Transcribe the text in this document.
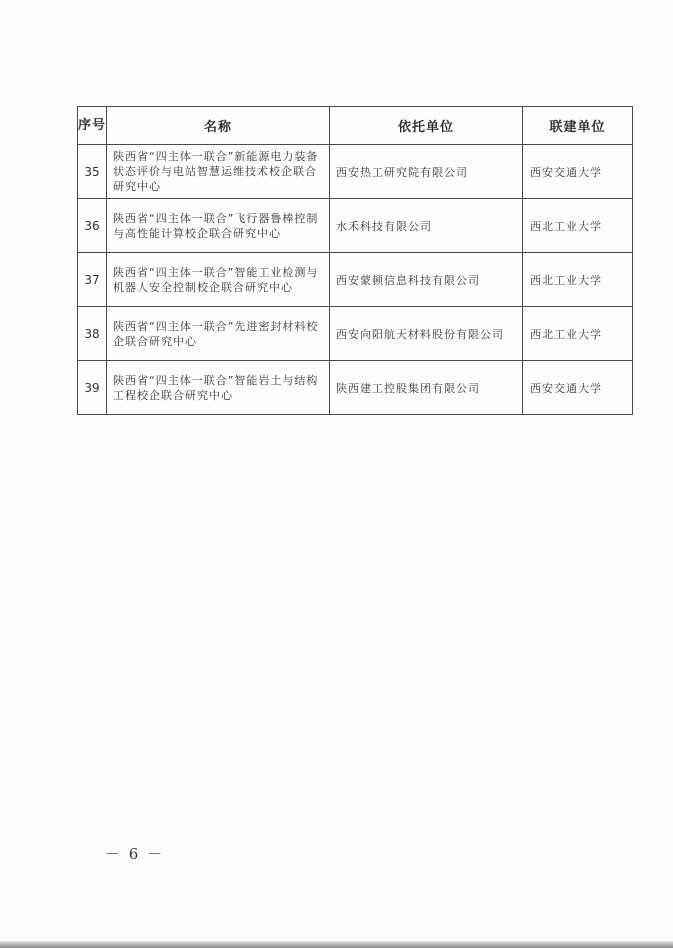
序号	名称	依托单位	联建单位
35	陕西省“四主体一联合”新能源电力装备状态评价与电站智慧运维技术校企联合研究中心	西安热工研究院有限公司	西安交通大学
36	陕西省“四主体一联合”飞行器鲁棒控制与高性能计算校企联合研究中心	水禾科技有限公司	西北工业大学
37	陕西省“四主体一联合”智能工业检测与机器人安全控制校企联合研究中心	西安蒙顿信息科技有限公司	西北工业大学
38	陕西省“四主体一联合”先进密封材料校企联合研究中心	西安向阳航天材料股份有限公司	西北工业大学
39	陕西省“四主体一联合”智能岩土与结构工程校企联合研究中心	陕西建工控股集团有限公司	西安交通大学
－ 6 －
